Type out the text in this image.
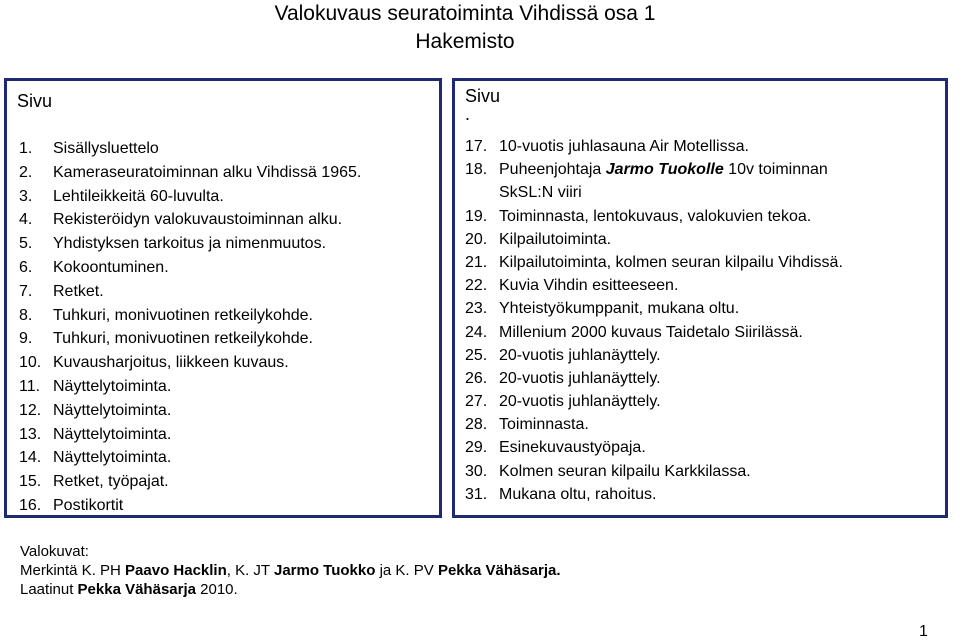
Valokuvaus seuratoiminta Vihdissä osa 1
Hakemisto
Sivu
1. Sisällysluettelo
2. Kameraseuratoiminnan alku Vihdissä 1965.
3. Lehtileikkeitä 60-luvulta.
4. Rekisteröidyn valokuvaustoiminnan alku.
5. Yhdistyksen tarkoitus ja nimenmuutos.
6. Kokoontuminen.
7. Retket.
8. Tuhkuri, monivuotinen retkeilykohde.
9. Tuhkuri, monivuotinen retkeilykohde.
10. Kuvausharjoitus, liikkeen kuvaus.
11. Näyttelytoiminta.
12. Näyttelytoiminta.
13. Näyttelytoiminta.
14. Näyttelytoiminta.
15. Retket, työpajat.
16. Postikortit
Sivu
.
17. 10-vuotis juhlasauna Air Motellissa.
18. Puheenjohtaja Jarmo Tuokolle 10v toiminnan
SkSL:N viiri
19. Toiminnasta, lentokuvaus, valokuvien tekoa.
20. Kilpailutoiminta.
21. Kilpailutoiminta, kolmen seuran kilpailu Vihdissä.
22. Kuvia Vihdin esitteeseen.
23. Yhteistyökumppanit, mukana oltu.
24. Millenium 2000 kuvaus Taidetalo Siirilässä.
25. 20-vuotis juhlanäyttely.
26. 20-vuotis juhlanäyttely.
27. 20-vuotis juhlanäyttely.
28. Toiminnasta.
29. Esinekuvaustyöpaja.
30. Kolmen seuran kilpailu Karkkilassa.
31. Mukana oltu, rahoitus.
Valokuvat:
Merkintä K. PH Paavo Hacklin, K. JT Jarmo Tuokko ja K. PV Pekka Vähäsarja.
Laatinut Pekka Vähäsarja 2010.
1
